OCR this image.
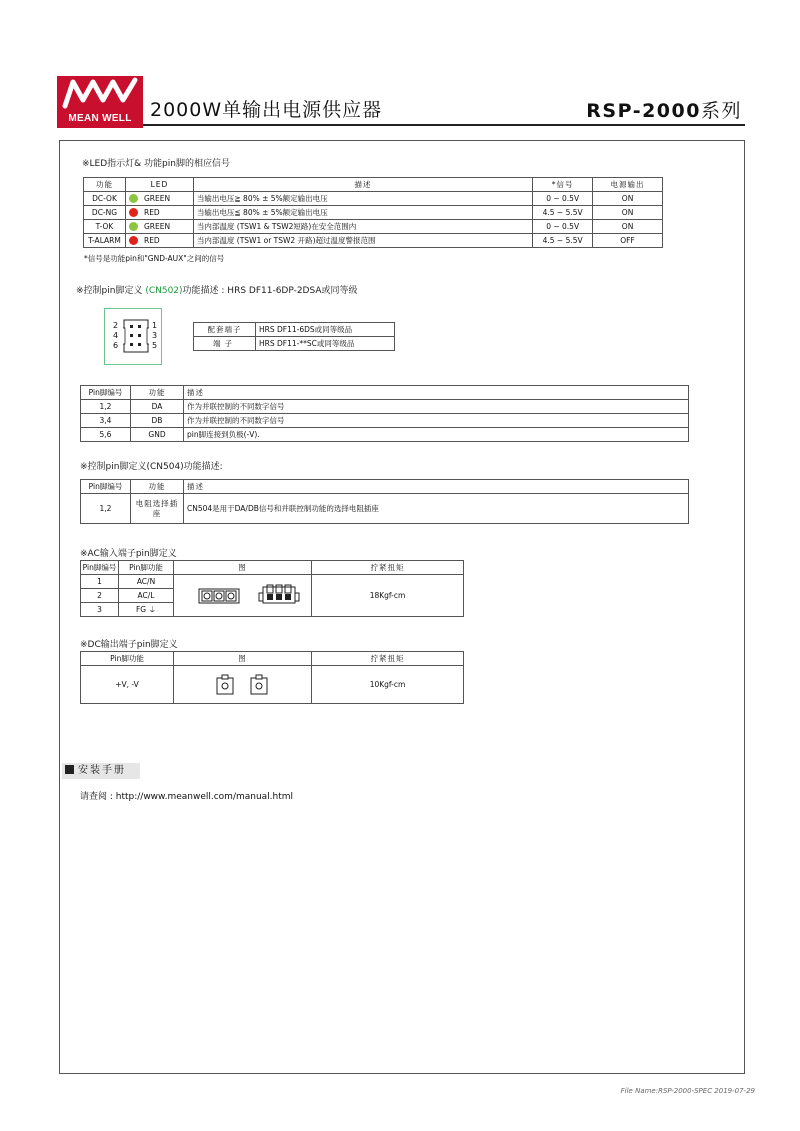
MEAN WELL 2000W单输出电源供应器	RSP-2000系列
※LED指示灯& 功能pin脚的相应信号
功能	LED	描述	*信号	电源输出
DC-OK	GREEN	当输出电压≧ 80% ± 5%额定输出电压	0 ~ 0.5V	ON
DC-NG	RED	当输出电压≦ 80% ± 5%额定输出电压	4.5 ~ 5.5V	ON
T-OK	GREEN	当内部温度 (TSW1 & TSW2短路)在安全范围内	0 ~ 0.5V	ON
T-ALARM	RED	当内部温度 (TSW1 or TSW2 开路)超过温度警报范围	4.5 ~ 5.5V	OFF
*信号是功能pin和"GND-AUX"之间的信号
※控制pin脚定义 (CN502)功能描述 : HRS DF11-6DP-2DSA或同等级
2
4
6
1
3
5
配套端子	HRS DF11-6DS或同等级品
端子	HRS DF11-**SC或同等级品
Pin脚编号	功能	描述
1,2	DA	作为并联控制的不同数字信号
3,4	DB	作为并联控制的不同数字信号
5,6	GND	pin脚连接到负极(-V).
※控制pin脚定义(CN504)功能描述:
Pin脚编号	功能	描述
1,2	电阻选择插座	CN504是用于DA/DB信号和并联控制功能的选择电阻插座
※AC输入端子pin脚定义
Pin脚编号	Pin脚功能	图	拧紧扭矩
1	AC/N		18Kgf-cm
2	AC/L		
3	FG ⏚		
※DC输出端子pin脚定义
Pin脚功能	图	拧紧扭矩
+V, -V		10Kgf-cm
安装手册
请查阅 : http://www.meanwell.com/manual.html
File Name:RSP-2000-SPEC 2019-07-29
